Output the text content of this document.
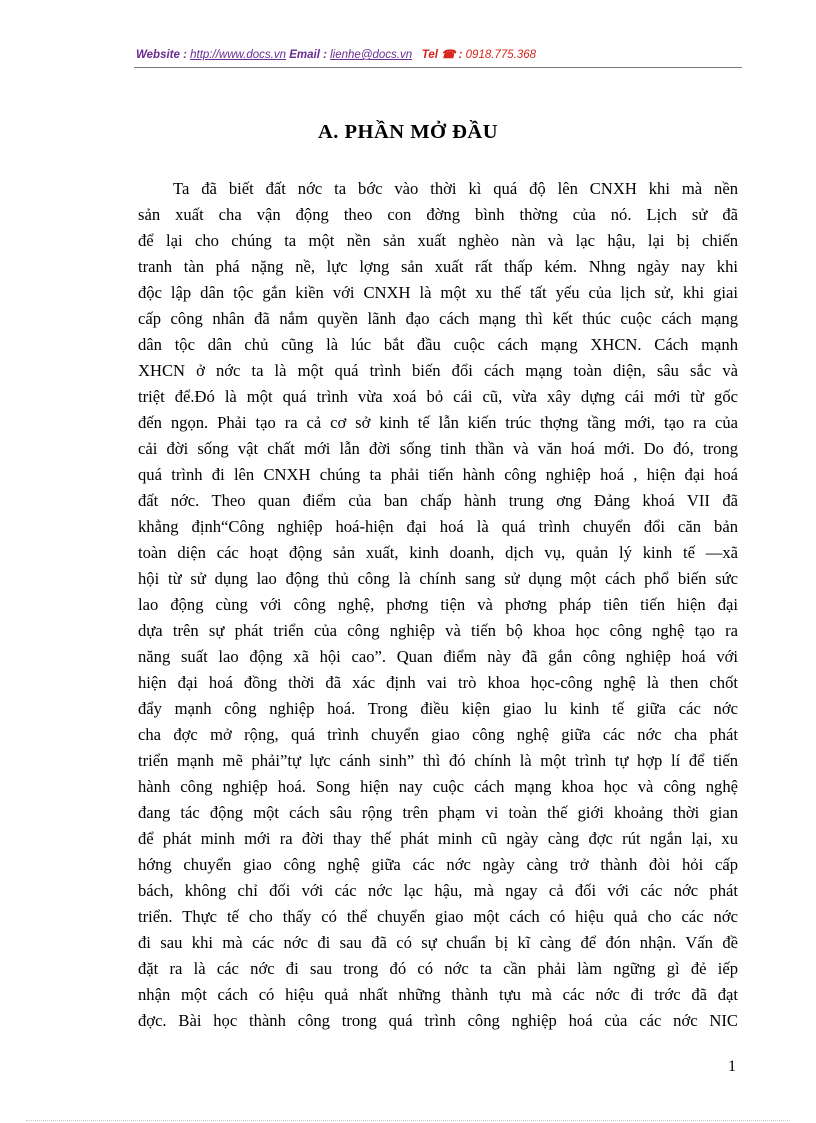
Website : http://www.docs.vn Email : lienhe@docs.vn Tel ☎ : 0918.775.368
A. PHẦN MỞ ĐẦU
Ta đã biết đất nớc ta bớc vào thời kì quá độ lên CNXH khi mà nền
sản xuất cha vận động theo con đờng bình thờng của nó. Lịch sử đã
để lại cho chúng ta một nền sản xuất nghèo nàn và lạc hậu, lại bị chiến
tranh tàn phá nặng nề, lực lợng sản xuất rất thấp kém. Nhng ngày nay khi
độc lập dân tộc gắn kiền với CNXH là một xu thế tất yếu của lịch sử, khi giai
cấp công nhân đã nắm quyền lãnh đạo cách mạng thì kết thúc cuộc cách mạng
dân tộc dân chủ cũng là lúc bắt đầu cuộc cách mạng XHCN. Cách mạnh
XHCN ở nớc ta là một quá trình biến đổi cách mạng toàn diện, sâu sắc và
triệt để.Đó là một quá trình vừa xoá bỏ cái cũ, vừa xây dựng cái mới từ gốc
đến ngọn. Phải tạo ra cả cơ sở kinh tế lẫn kiến trúc thợng tầng mới, tạo ra của
cải đời sống vật chất mới lẫn đời sống tinh thần và văn hoá mới. Do đó, trong
quá trình đi lên CNXH chúng ta phải tiến hành công nghiệp hoá , hiện đại hoá
đất nớc. Theo quan điểm của ban chấp hành trung ơng Đảng khoá VII đã
khẳng định“Công nghiệp hoá-hiện đại hoá là quá trình chuyển đổi căn bản
toàn diện các hoạt động sản xuất, kinh doanh, dịch vụ, quản lý kinh tế —xã
hội từ sử dụng lao động thủ công là chính sang sử dụng một cách phổ biến sức
lao động cùng với công nghệ, phơng tiện và phơng pháp tiên tiến hiện đại
dựa trên sự phát triển của công nghiệp và tiến bộ khoa học công nghệ tạo ra
năng suất lao động xã hội cao”. Quan điểm này đã gắn công nghiệp hoá với
hiện đại hoá đồng thời đã xác định vai trò khoa học-công nghệ là then chốt
đẩy mạnh công nghiệp hoá. Trong điều kiện giao lu kinh tế giữa các nớc
cha đợc mở rộng, quá trình chuyển giao công nghệ giữa các nớc cha phát
triển mạnh mẽ phải”tự lực cánh sinh” thì đó chính là một trình tự hợp lí để tiến
hành công nghiệp hoá. Song hiện nay cuộc cách mạng khoa học và công nghệ
đang tác động một cách sâu rộng trên phạm vi toàn thế giới khoảng thời gian
để phát minh mới ra đời thay thế phát minh cũ ngày càng đợc rút ngắn lại, xu
hớng chuyển giao công nghệ giữa các nớc ngày càng trở thành đòi hỏi cấp
bách, không chỉ đối với các nớc lạc hậu, mà ngay cả đối với các nớc phát
triển. Thực tế cho thấy có thể chuyển giao một cách có hiệu quả cho các nớc
đi sau khi mà các nớc đi sau đã có sự chuẩn bị kĩ càng để đón nhận. Vấn đề
đặt ra là các nớc đi sau trong đó có nớc ta cần phải làm ngững gì đẻ iếp
nhận một cách có hiệu quả nhất những thành tựu mà các nớc đi trớc đã đạt
đợc. Bài học thành công trong quá trình công nghiệp hoá của các nớc NIC
1
